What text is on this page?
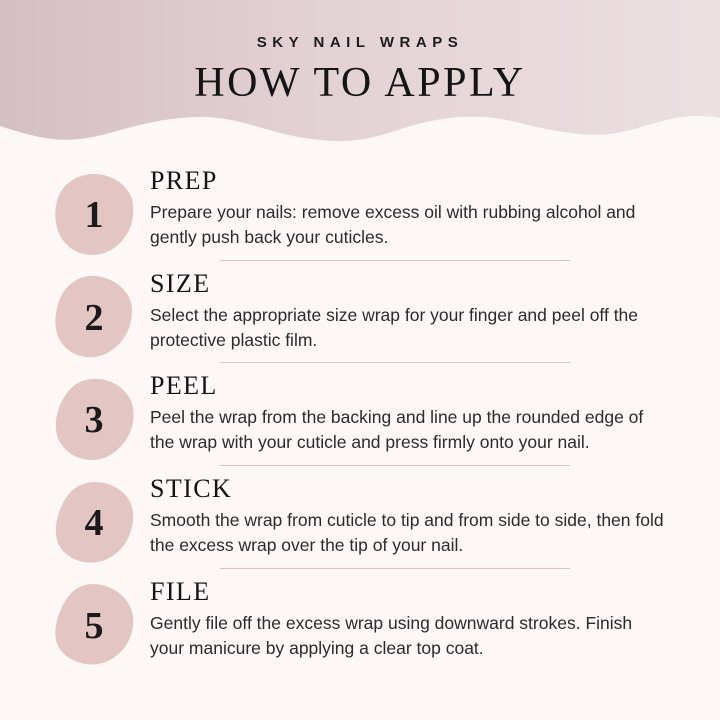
SKY NAIL WRAPS
HOW TO APPLY
1
PREP
Prepare your nails: remove excess oil with rubbing alcohol and gently push back your cuticles.
2
SIZE
Select the appropriate size wrap for your finger and peel off the protective plastic film.
3
PEEL
Peel the wrap from the backing and line up the rounded edge of the wrap with your cuticle and press firmly onto your nail.
4
STICK
Smooth the wrap from cuticle to tip and from side to side, then fold the excess wrap over the tip of your nail.
5
FILE
Gently file off the excess wrap using downward strokes. Finish your manicure by applying a clear top coat.
